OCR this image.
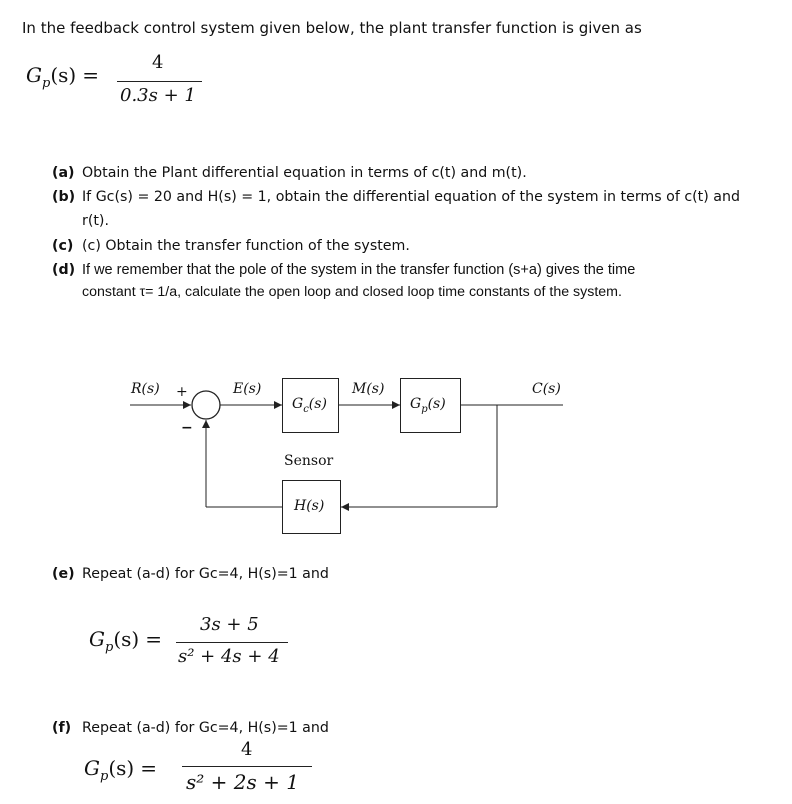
In the feedback control system given below, the plant transfer function is given as
$G_p(s)$ =
4
0.3s + 1
(a) Obtain the Plant differential equation in terms of c(t) and m(t).
(b) If Gc(s) = 20 and H(s) = 1, obtain the differential equation of the system in terms of c(t) and
r(t).
(c) (c) Obtain the transfer function of the system.
(d) If we remember that the pole of the system in the transfer function (s+a) gives the time
constant τ= 1/a, calculate the open loop and closed loop time constants of the system.
R(s) +
−
E(s)
$G_c(s)$
M(s)
$G_p(s)$
C(s)
Sensor
H(s)
(e) Repeat (a-d) for Gc=4, H(s)=1 and
$G_p(s)$ =
3s + 5
s² + 4s + 4
(f) Repeat (a-d) for Gc=4, H(s)=1 and
4
$G_p(s)$ =
s² + 2s + 1
